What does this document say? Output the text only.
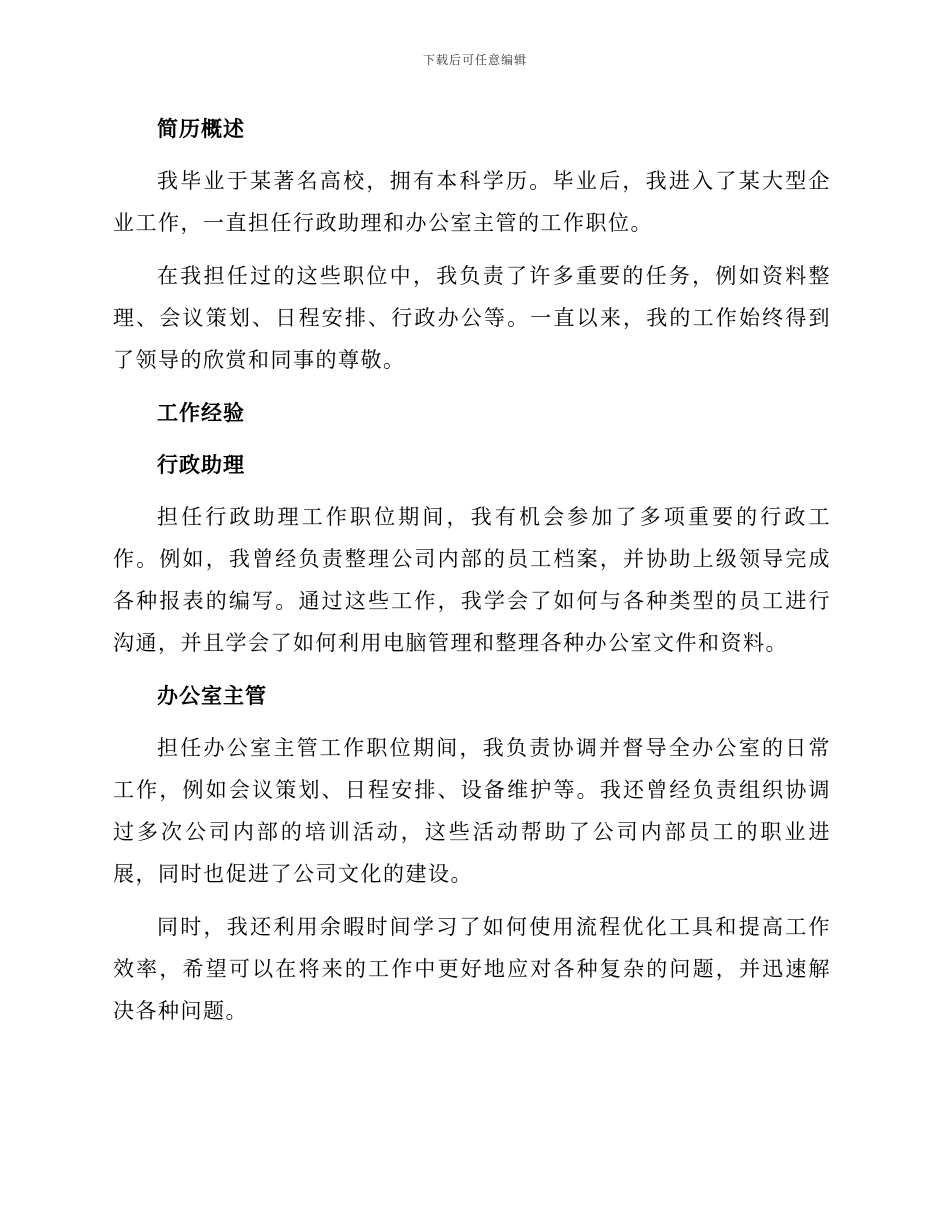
下载后可任意编辑
简历概述

我毕业于某著名高校，拥有本科学历。毕业后，我进入了某大型企业工作，一直担任行政助理和办公室主管的工作职位。

在我担任过的这些职位中，我负责了许多重要的任务，例如资料整理、会议策划、日程安排、行政办公等。一直以来，我的工作始终得到了领导的欣赏和同事的尊敬。

工作经验
行政助理

担任行政助理工作职位期间，我有机会参加了多项重要的行政工作。例如，我曾经负责整理公司内部的员工档案，并协助上级领导完成各种报表的编写。通过这些工作，我学会了如何与各种类型的员工进行沟通，并且学会了如何利用电脑管理和整理各种办公室文件和资料。

办公室主管

担任办公室主管工作职位期间，我负责协调并督导全办公室的日常工作，例如会议策划、日程安排、设备维护等。我还曾经负责组织协调过多次公司内部的培训活动，这些活动帮助了公司内部员工的职业进展，同时也促进了公司文化的建设。

同时，我还利用余暇时间学习了如何使用流程优化工具和提高工作效率，希望可以在将来的工作中更好地应对各种复杂的问题，并迅速解决各种问题。
